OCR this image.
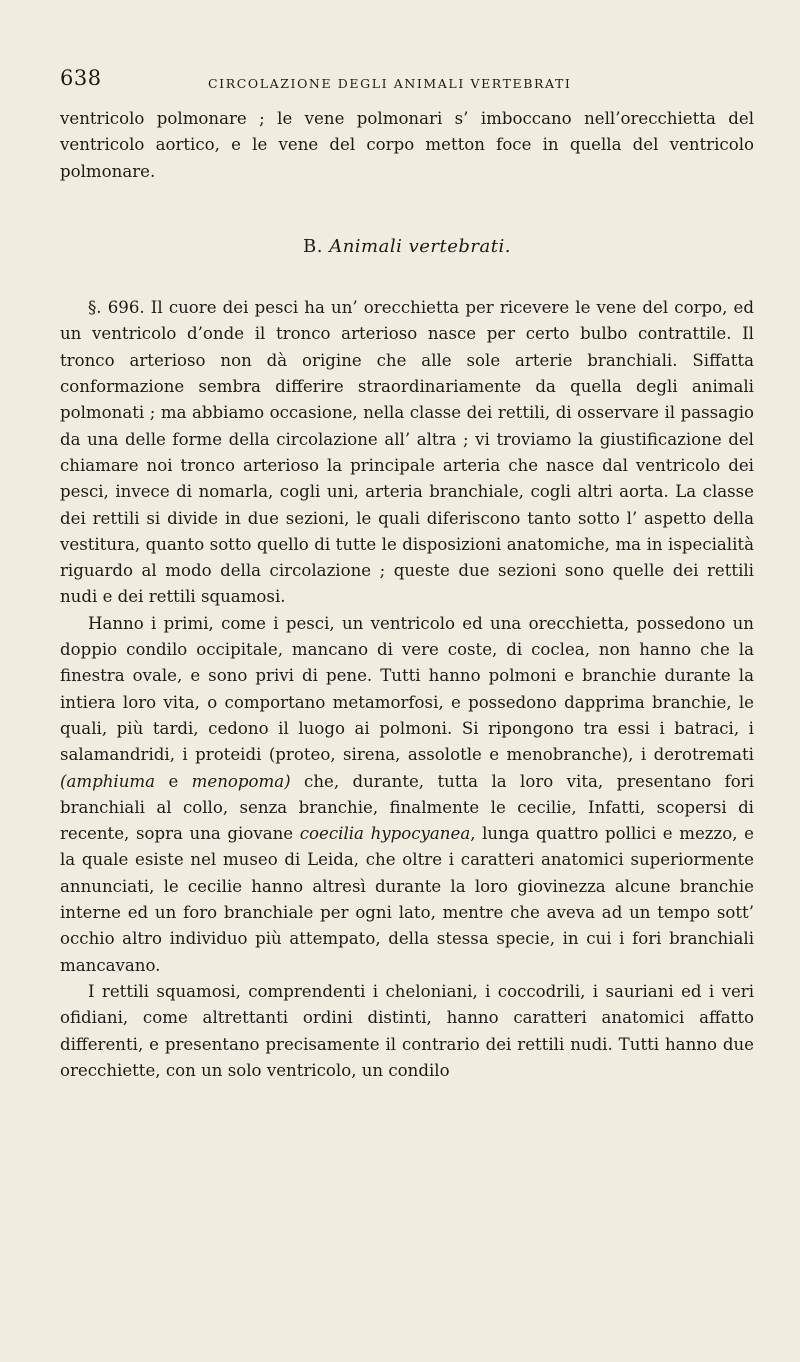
638	CIRCOLAZIONE DEGLI ANIMALI VERTEBRATI

ventricolo polmonare ; le vene polmonari s’ imboccano nell’orecchietta del ventricolo aortico, e le vene del corpo metton foce in quella del ventricolo polmonare.

B. Animali vertebrati.

§. 696. Il cuore dei pesci ha un’ orecchietta per ricevere le vene del corpo, ed un ventricolo d’onde il tronco arterioso nasce per certo bulbo contrattile. Il tronco arterioso non dà origine che alle sole arterie branchiali. Siffatta conformazione sembra differire straordinariamente da quella degli animali polmonati ; ma abbiamo occasione, nella classe dei rettili, di osservare il passagio da una delle forme della circolazione all’ altra ; vi troviamo la giustificazione del chiamare noi tronco arterioso la principale arteria che nasce dal ventricolo dei pesci, invece di nomarla, cogli uni, arteria branchiale, cogli altri aorta. La classe dei rettili si divide in due sezioni, le quali diferiscono tanto sotto l’ aspetto della vestitura, quanto sotto quello di tutte le disposizioni anatomiche, ma in ispecialità riguardo al modo della circolazione ; queste due sezioni sono quelle dei rettili nudi e dei rettili squamosi.

Hanno i primi, come i pesci, un ventricolo ed una orecchietta, possedono un doppio condilo occipitale, mancano di vere coste, di coclea, non hanno che la finestra ovale, e sono privi di pene. Tutti hanno polmoni e branchie durante la intiera loro vita, o comportano metamorfosi, e possedono dapprima branchie, le quali, più tardi, cedono il luogo ai polmoni. Si ripongono tra essi i batraci, i salamandridi, i proteidi (proteo, sirena, assolotle e menobranche), i derotremati (amphiuma e menopoma) che, durante, tutta la loro vita, presentano fori branchiali al collo, senza branchie, finalmente le cecilie, Infatti, scopersi di recente, sopra una giovane coecilia hypocyanea, lunga quattro pollici e mezzo, e la quale esiste nel museo di Leida, che oltre i caratteri anatomici superiormente annunciati, le cecilie hanno altresì durante la loro giovinezza alcune branchie interne ed un foro branchiale per ogni lato, mentre che aveva ad un tempo sott’ occhio altro individuo più attempato, della stessa specie, in cui i fori branchiali mancavano.

I rettili squamosi, comprendenti i cheloniani, i coccodrili, i sauriani ed i veri ofidiani, come altrettanti ordini distinti, hanno caratteri anatomici affatto differenti, e presentano precisamente il contrario dei rettili nudi. Tutti hanno due orecchiette, con un solo ventricolo, un condilo
